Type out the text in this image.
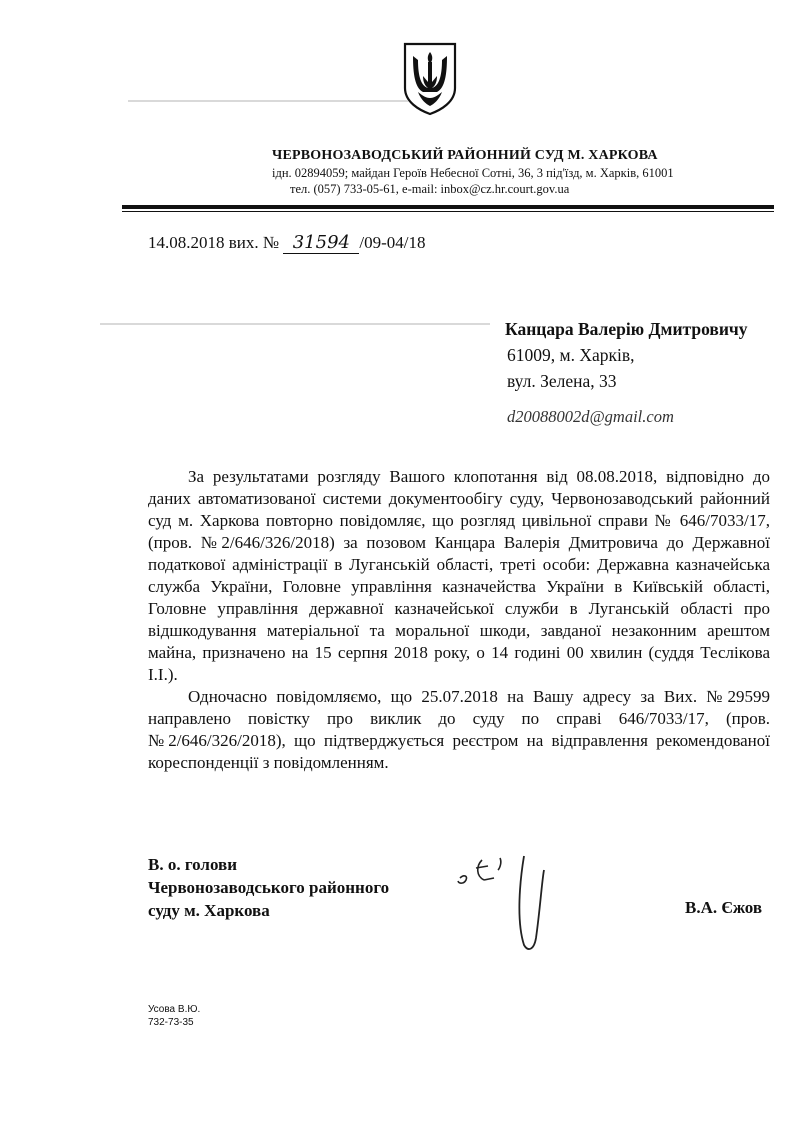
ЧЕРВОНОЗАВОДСЬКИЙ РАЙОННИЙ СУД М. ХАРКОВА
ідн. 02894059; майдан Героїв Небесної Сотні, 36, 3 під'їзд, м. Харків, 61001
тел. (057) 733-05-61, e-mail: inbox@cz.hr.court.gov.ua
14.08.2018 вих. № 31594 /09-04/18
Канцара Валерію Дмитровичу
61009, м. Харків,
вул. Зелена, 33
d20088002d@gmail.com

За результатами розгляду Вашого клопотання від 08.08.2018, відповідно до даних автоматизованої системи документообігу суду, Червонозаводський районний суд м. Харкова повторно повідомляє, що розгляд цивільної справи № 646/7033/17, (пров. №2/646/326/2018) за позовом Канцара Валерія Дмитровича до Державної податкової адміністрації в Луганській області, треті особи: Державна казначейська служба України, Головне управління казначейства України в Київській області, Головне управління державної казначейської служби в Луганській області про відшкодування матеріальної та моральної шкоди, завданої незаконним арештом майна, призначено на 15 серпня 2018 року, о 14 годині 00 хвилин (суддя Теслікова І.І.).

Одночасно повідомляємо, що 25.07.2018 на Вашу адресу за Вих. №29599 направлено повістку про виклик до суду по справі 646/7033/17, (пров. №2/646/326/2018), що підтверджується реєстром на відправлення рекомендованої кореспонденції з повідомленням.

В. о. голови
Червонозаводського районного
суду м. Харкова	В.А. Єжов
Усова В.Ю.
732-73-35
